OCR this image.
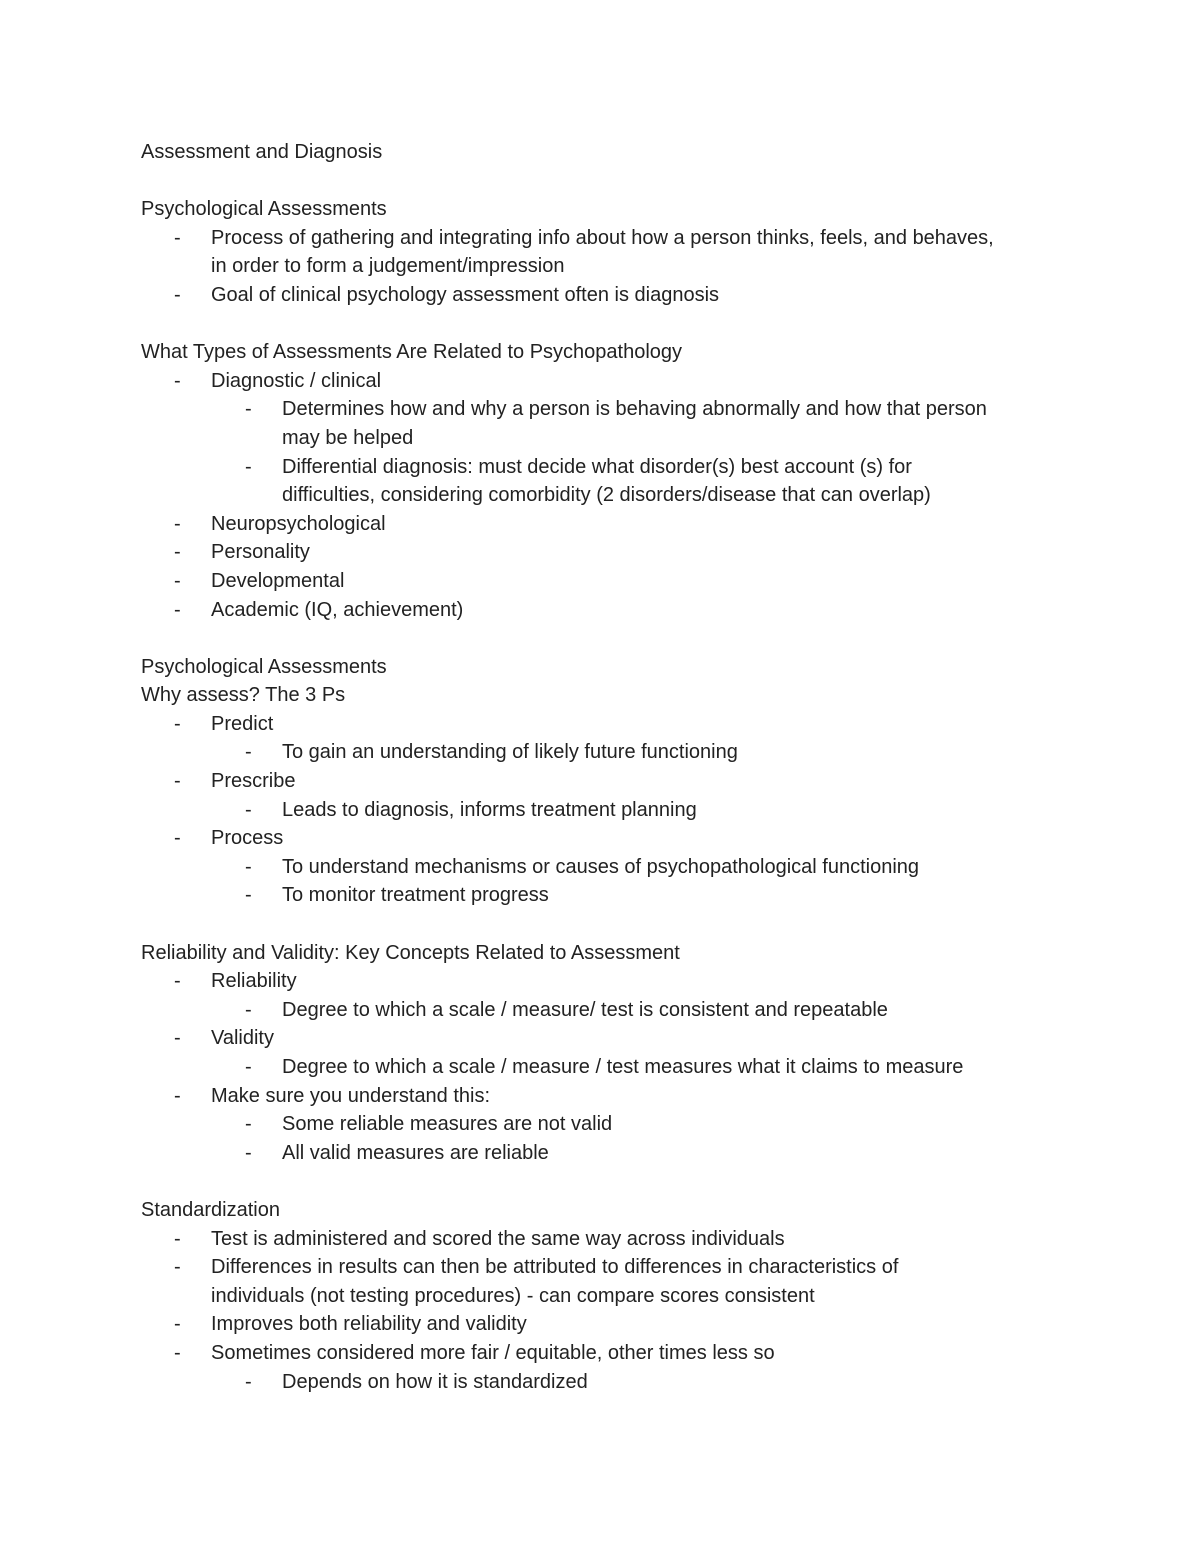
Assessment and Diagnosis
Psychological Assessments
- Process of gathering and integrating info about how a person thinks, feels, and behaves,
in order to form a judgement/impression
- Goal of clinical psychology assessment often is diagnosis
What Types of Assessments Are Related to Psychopathology
- Diagnostic / clinical
- Determines how and why a person is behaving abnormally and how that person
may be helped
- Differential diagnosis: must decide what disorder(s) best account (s) for
difficulties, considering comorbidity (2 disorders/disease that can overlap)
- Neuropsychological
- Personality
- Developmental
- Academic (IQ, achievement)
Psychological Assessments
Why assess? The 3 Ps
- Predict
- To gain an understanding of likely future functioning
- Prescribe
- Leads to diagnosis, informs treatment planning
- Process
- To understand mechanisms or causes of psychopathological functioning
- To monitor treatment progress
Reliability and Validity: Key Concepts Related to Assessment
- Reliability
- Degree to which a scale / measure/ test is consistent and repeatable
- Validity
- Degree to which a scale / measure / test measures what it claims to measure
- Make sure you understand this:
- Some reliable measures are not valid
- All valid measures are reliable
Standardization
- Test is administered and scored the same way across individuals
- Differences in results can then be attributed to differences in characteristics of
individuals (not testing procedures) - can compare scores consistent
- Improves both reliability and validity
- Sometimes considered more fair / equitable, other times less so
- Depends on how it is standardized
